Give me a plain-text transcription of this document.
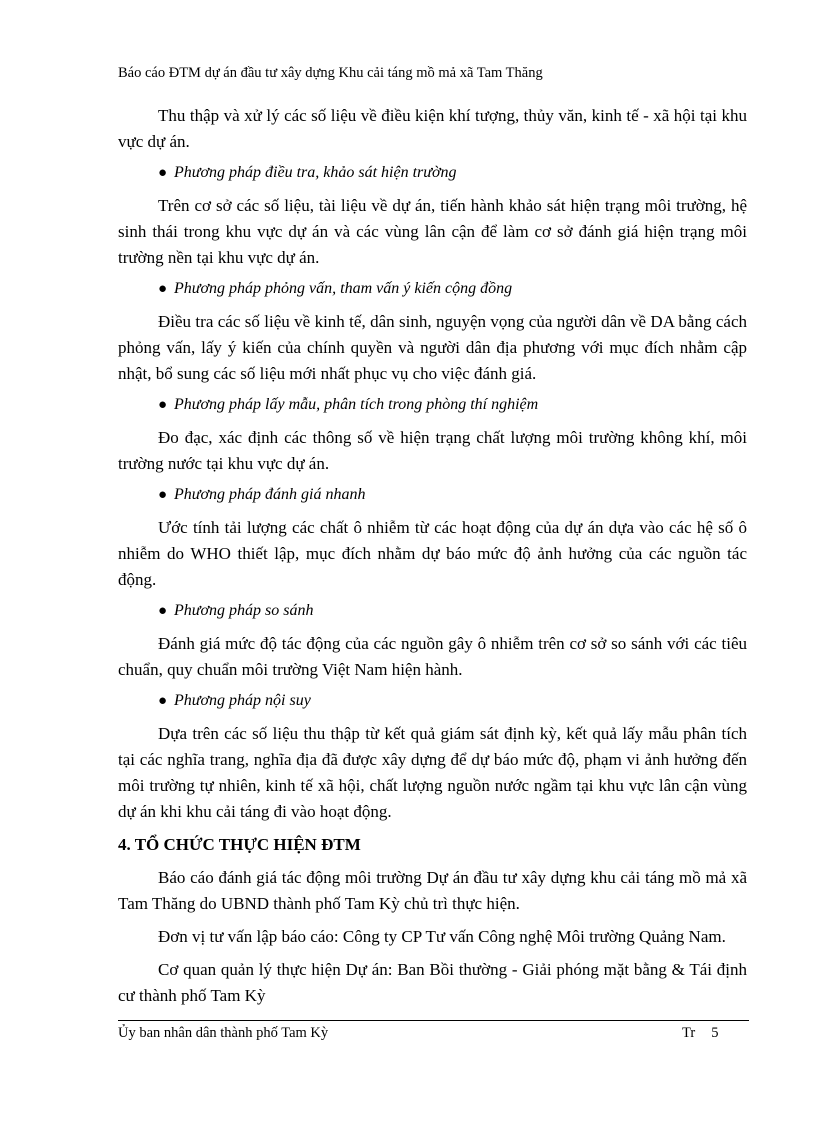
Báo cáo ĐTM dự án đầu tư xây dựng Khu cải táng mồ mả xã Tam Thăng

Thu thập và xử lý các số liệu về điều kiện khí tượng, thủy văn, kinh tế - xã hội tại khu vực dự án.

● Phương pháp điều tra, khảo sát hiện trường

Trên cơ sở các số liệu, tài liệu về dự án, tiến hành khảo sát hiện trạng môi trường, hệ sinh thái trong khu vực dự án và các vùng lân cận để làm cơ sở đánh giá hiện trạng môi trường nền tại khu vực dự án.

● Phương pháp phỏng vấn, tham vấn ý kiến cộng đồng

Điều tra các số liệu về kinh tế, dân sinh, nguyện vọng của người dân về DA bằng cách phỏng vấn, lấy ý kiến của chính quyền và người dân địa phương với mục đích nhằm cập nhật, bổ sung các số liệu mới nhất phục vụ cho việc đánh giá.

● Phương pháp lấy mẫu, phân tích trong phòng thí nghiệm

Đo đạc, xác định các thông số về hiện trạng chất lượng môi trường không khí, môi trường nước tại khu vực dự án.

● Phương pháp đánh giá nhanh

Ước tính tải lượng các chất ô nhiễm từ các hoạt động của dự án dựa vào các hệ số ô nhiễm do WHO thiết lập, mục đích nhằm dự báo mức độ ảnh hưởng của các nguồn tác động.

● Phương pháp so sánh

Đánh giá mức độ tác động của các nguồn gây ô nhiễm trên cơ sở so sánh với các tiêu chuẩn, quy chuẩn môi trường Việt Nam hiện hành.

● Phương pháp nội suy

Dựa trên các số liệu thu thập từ kết quả giám sát định kỳ, kết quả lấy mẫu phân tích tại các nghĩa trang, nghĩa địa đã được xây dựng để dự báo mức độ, phạm vi ảnh hưởng đến môi trường tự nhiên, kinh tế xã hội, chất lượng nguồn nước ngầm tại khu vực lân cận vùng dự án khi khu cải táng đi vào hoạt động.

4. TỔ CHỨC THỰC HIỆN ĐTM

Báo cáo đánh giá tác động môi trường Dự án đầu tư xây dựng khu cải táng mồ mả xã Tam Thăng do UBND thành phố Tam Kỳ chủ trì thực hiện.

Đơn vị tư vấn lập báo cáo: Công ty CP Tư vấn Công nghệ Môi trường Quảng Nam.

Cơ quan quản lý thực hiện Dự án: Ban Bồi thường - Giải phóng mặt bằng & Tái định cư thành phố Tam Kỳ

Ủy ban nhân dân thành phố Tam Kỳ	Tr 5
